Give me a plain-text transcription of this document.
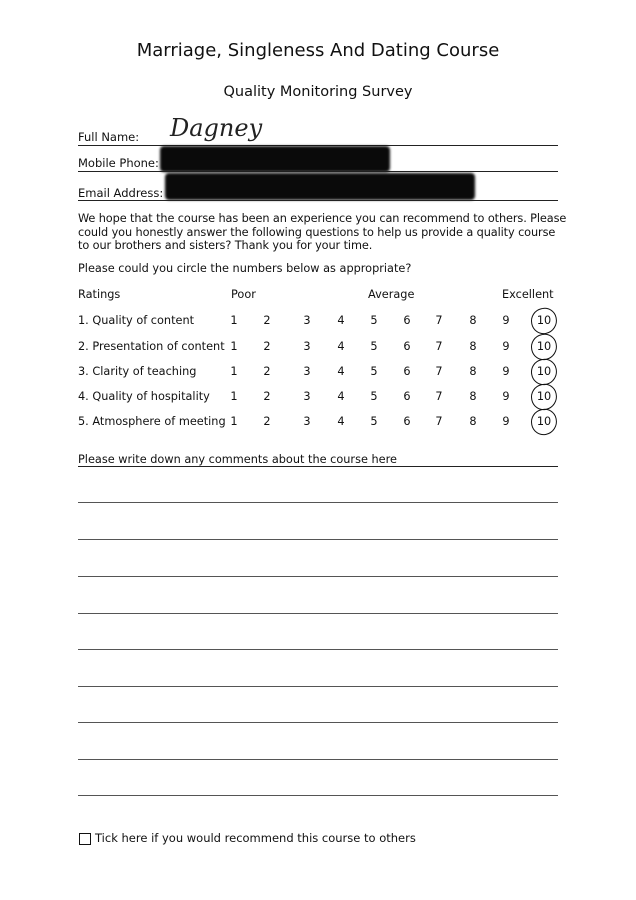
Marriage, Singleness And Dating Course
Quality Monitoring Survey
Full Name: Dagney
Mobile Phone:
Email Address:
We hope that the course has been an experience you can recommend to others. Please could you honestly answer the following questions to help us provide a quality course to our brothers and sisters? Thank you for your time.
Please could you circle the numbers below as appropriate?
Ratings	Poor	Average	Excellent
1. Quality of content	1	2	3	4	5	6	7	8	9	10
2. Presentation of content 1	2	3	4	5	6	7	8	9	10
3. Clarity of teaching	1	2	3	4	5	6	7	8	9	10
4. Quality of hospitality	1	2	3	4	5	6	7	8	9	10
5. Atmosphere of meeting 1	2	3	4	5	6	7	8	9	10
Please write down any comments about the course here
Tick here if you would recommend this course to others
